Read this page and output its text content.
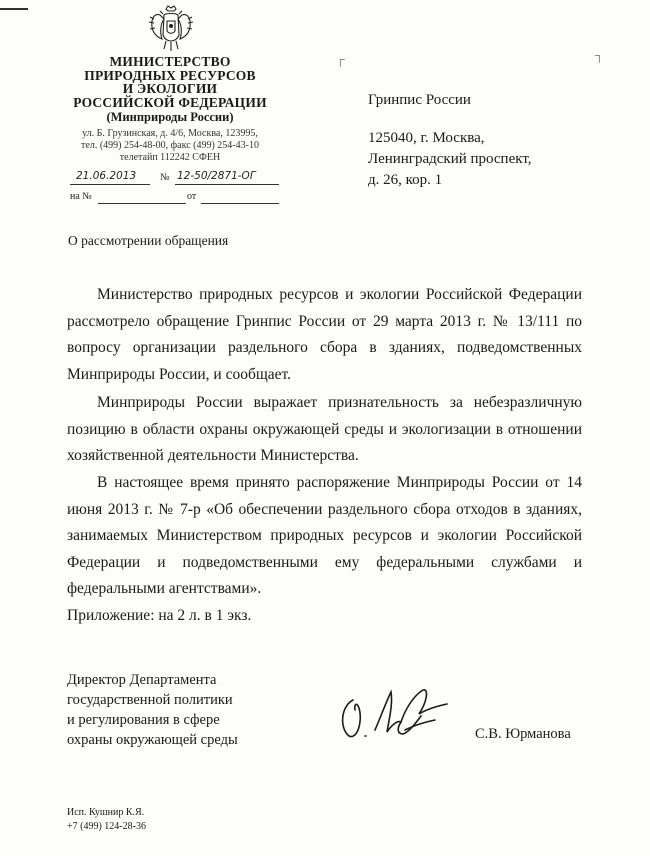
МИНИСТЕРСТВО
ПРИРОДНЫХ РЕСУРСОВ
И ЭКОЛОГИИ
РОССИЙСКОЙ ФЕДЕРАЦИИ
(Минприроды России)
ул. Б. Грузинская, д. 4/6, Москва, 123995,
тел. (499) 254-48-00, факс (499) 254-43-10
телетайп 112242 СФЕН
21.06.2013 № 12-50/2871-ОГ
на №	от
┌	┐
Гринпис России
125040, г. Москва,
Ленинградский проспект,
д. 26, кор. 1
О рассмотрении обращения
Министерство природных ресурсов и экологии Российской Федерации рассмотрело обращение Гринпис России от 29 марта 2013 г. № 13/111 по вопросу организации раздельного сбора в зданиях, подведомственных Минприроды России, и сообщает.
Минприроды России выражает признательность за небезразличную позицию в области охраны окружающей среды и экологизации в отношении хозяйственной деятельности Министерства.
В настоящее время принято распоряжение Минприроды России от 14 июня 2013 г. № 7-р «Об обеспечении раздельного сбора отходов в зданиях, занимаемых Министерством природных ресурсов и экологии Российской Федерации и подведомственными ему федеральными службами и федеральными агентствами».
Приложение: на 2 л. в 1 экз.
Директор Департамента
государственной политики
и регулирования в сфере
охраны окружающей среды	С.В. Юрманова
Исп. Кушнир К.Я.
+7 (499) 124-28-36
